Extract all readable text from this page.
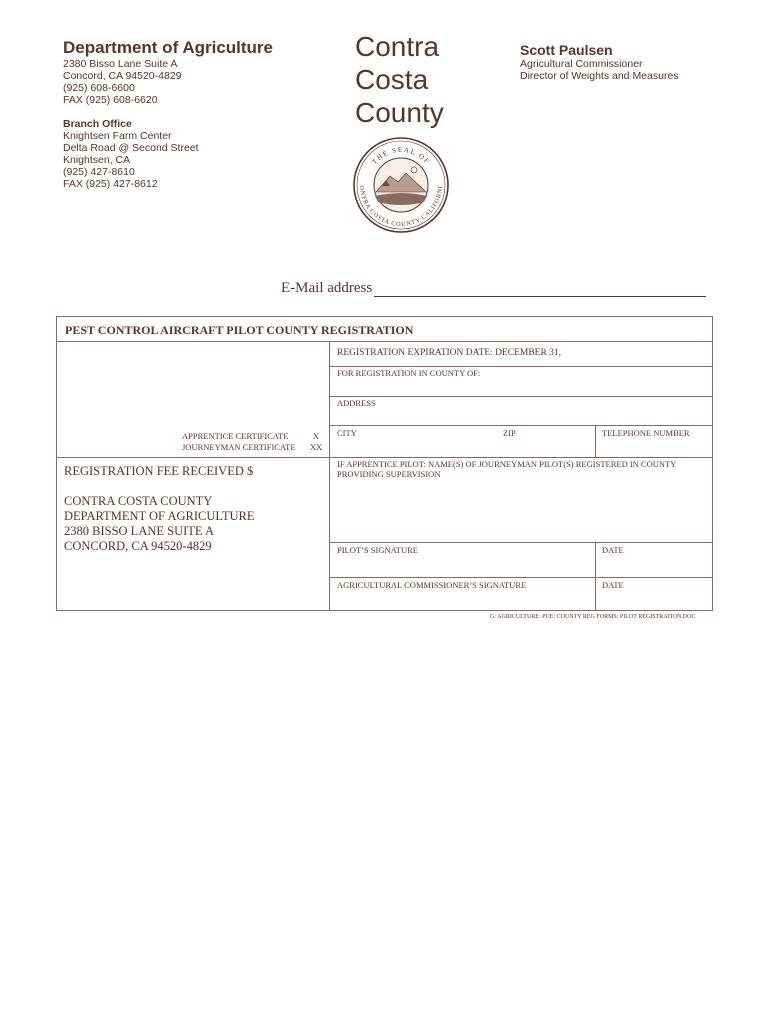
Department of Agriculture
2380 Bisso Lane Suite A
Concord, CA 94520-4829
(925) 608-6600
FAX (925) 608-6620
Branch Office
Knightsen Farm Center
Delta Road @ Second Street
Knightsen, CA
(925) 427-8610
FAX (925) 427-8612
Contra
Costa
County
THE SEAL OF
ONTRA COSTA COUNTY CALIFORNI
Scott Paulsen
Agricultural Commissioner
Director of Weights and Measures
E-Mail address
PEST CONTROL AIRCRAFT PILOT COUNTY REGISTRATION
REGISTRATION EXPIRATION DATE: DECEMBER 31,
FOR REGISTRATION IN COUNTY OF:
ADDRESS
CITY	ZIP	TELEPHONE NUMBER
IF APPRENTICE PILOT: NAME(S) OF JOURNEYMAN PILOT(S) REGISTERED IN COUNTY PROVIDING SUPERVISION
PILOT’S SIGNATURE	DATE
AGRICULTURAL COMMISSIONER’S SIGNATURE	DATE
APPRENTICE CERTIFICATE	X
JOURNEYMAN CERTIFICATE	XX
REGISTRATION FEE RECEIVED $
CONTRA COSTA COUNTY
DEPARTMENT OF AGRICULTURE
2380 BISSO LANE SUITE A
CONCORD, CA 94520-4829
G: AGRICULTURE: PUE: COUNTY REG FORMS: PILOT REGISTRATION.DOC
